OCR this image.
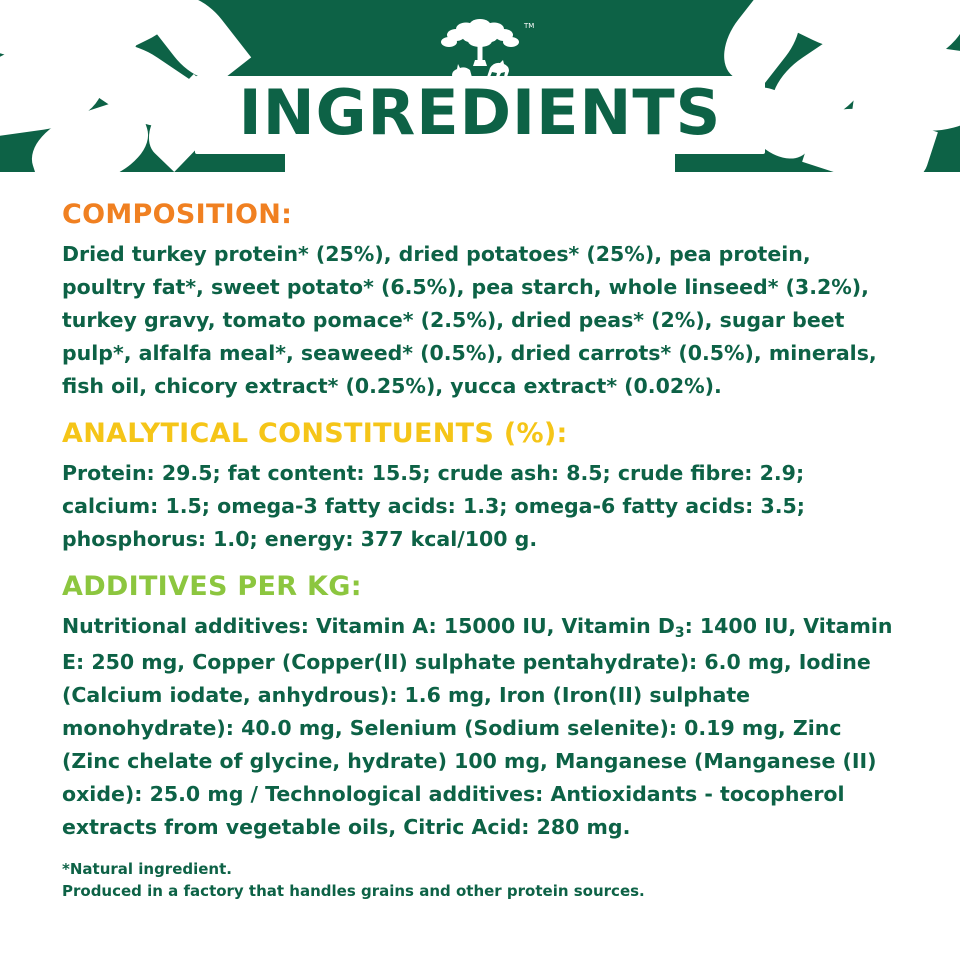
TM
INGREDIENTS
COMPOSITION:

Dried turkey protein* (25%), dried potatoes* (25%), pea protein, poultry fat*, sweet potato* (6.5%), pea starch, whole linseed* (3.2%), turkey gravy, tomato pomace* (2.5%), dried peas* (2%), sugar beet pulp*, alfalfa meal*, seaweed* (0.5%), dried carrots* (0.5%), minerals, fish oil, chicory extract* (0.25%), yucca extract* (0.02%).

ANALYTICAL CONSTITUENTS (%):

Protein: 29.5; fat content: 15.5; crude ash: 8.5; crude fibre: 2.9; calcium: 1.5; omega-3 fatty acids: 1.3; omega-6 fatty acids: 3.5; phosphorus: 1.0; energy: 377 kcal/100 g.

ADDITIVES PER KG:

Nutritional additives: Vitamin A: 15000 IU, Vitamin $D_3$: 1400 IU, Vitamin E: 250 mg, Copper (Copper(II) sulphate pentahydrate): 6.0 mg, Iodine (Calcium iodate, anhydrous): 1.6 mg, Iron (Iron(II) sulphate monohydrate): 40.0 mg, Selenium (Sodium selenite): 0.19 mg, Zinc (Zinc chelate of glycine, hydrate) 100 mg, Manganese (Manganese (II) oxide): 25.0 mg / Technological additives: Antioxidants - tocopherol extracts from vegetable oils, Citric Acid: 280 mg.

*Natural ingredient.
Produced in a factory that handles grains and other protein sources.
